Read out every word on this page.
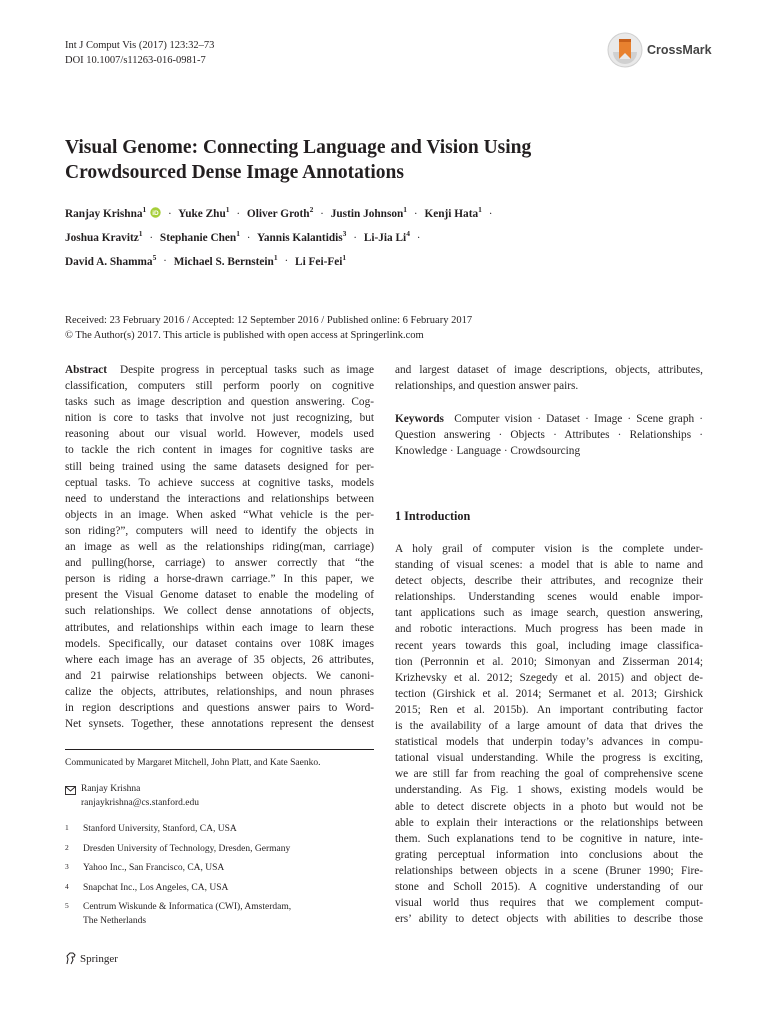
Int J Comput Vis (2017) 123:32–73
DOI 10.1007/s11263-016-0981-7
CrossMark
Visual Genome: Connecting Language and Vision Using
Crowdsourced Dense Image Annotations
Ranjay Krishna$^1$ iD · Yuke Zhu$^1$ · Oliver Groth$^2$ · Justin Johnson$^1$ · Kenji Hata$^1$ ·
Joshua Kravitz$^1$ · Stephanie Chen$^1$ · Yannis Kalantidis$^3$ · Li-Jia $Li^4$ ·
David A. Shamma$^5$ · Michael S. Bernstein$^1$ · Li Fei-Fei$^1$
Received: 23 February 2016 / Accepted: 12 September 2016 / Published online: 6 February 2017
© The Author(s) 2017. This article is published with open access at Springerlink.com
Abstract Despite progress in perceptual tasks such as image
classification, computers still perform poorly on cognitive
tasks such as image description and question answering. Cog-
nition is core to tasks that involve not just recognizing, but
reasoning about our visual world. However, models used
to tackle the rich content in images for cognitive tasks are
still being trained using the same datasets designed for per-
ceptual tasks. To achieve success at cognitive tasks, models
need to understand the interactions and relationships between
objects in an image. When asked “What vehicle is the per-
son riding?”, computers will need to identify the objects in
an image as well as the relationships riding(man, carriage)
and pulling(horse, carriage) to answer correctly that “the
person is riding a horse-drawn carriage.” In this paper, we
present the Visual Genome dataset to enable the modeling of
such relationships. We collect dense annotations of objects,
attributes, and relationships within each image to learn these
models. Specifically, our dataset contains over 108K images
where each image has an average of 35 objects, 26 attributes,
and 21 pairwise relationships between objects. We canoni-
calize the objects, attributes, relationships, and noun phrases
in region descriptions and questions answer pairs to Word-
Net synsets. Together, these annotations represent the densest
Communicated by Margaret Mitchell, John Platt, and Kate Saenko.
Ranjay Krishna
ranjaykrishna@cs.stanford.edu
1 Stanford University, Stanford, CA, USA
2 Dresden University of Technology, Dresden, Germany
3 Yahoo Inc., San Francisco, CA, USA
4 Snapchat Inc., Los Angeles, CA, USA
5 Centrum Wiskunde & Informatica (CWI), Amsterdam,
The Netherlands
Springer
and largest dataset of image descriptions, objects, attributes,
relationships, and question answer pairs.
Keywords Computer vision · Dataset · Image · Scene graph ·
Question answering · Objects · Attributes · Relationships ·
Knowledge · Language · Crowdsourcing
1 Introduction
A holy grail of computer vision is the complete under-
standing of visual scenes: a model that is able to name and
detect objects, describe their attributes, and recognize their
relationships. Understanding scenes would enable impor-
tant applications such as image search, question answering,
and robotic interactions. Much progress has been made in
recent years towards this goal, including image classifica-
tion (Perronnin et al. 2010; Simonyan and Zisserman 2014;
Krizhevsky et al. 2012; Szegedy et al. 2015) and object de-
tection (Girshick et al. 2014; Sermanet et al. 2013; Girshick
2015; Ren et al. 2015b). An important contributing factor
is the availability of a large amount of data that drives the
statistical models that underpin today’s advances in compu-
tational visual understanding. While the progress is exciting,
we are still far from reaching the goal of comprehensive scene
understanding. As Fig. 1 shows, existing models would be
able to detect discrete objects in a photo but would not be
able to explain their interactions or the relationships between
them. Such explanations tend to be cognitive in nature, inte-
grating perceptual information into conclusions about the
relationships between objects in a scene (Bruner 1990; Fire-
stone and Scholl 2015). A cognitive understanding of our
visual world thus requires that we complement comput-
ers’ ability to detect objects with abilities to describe those
